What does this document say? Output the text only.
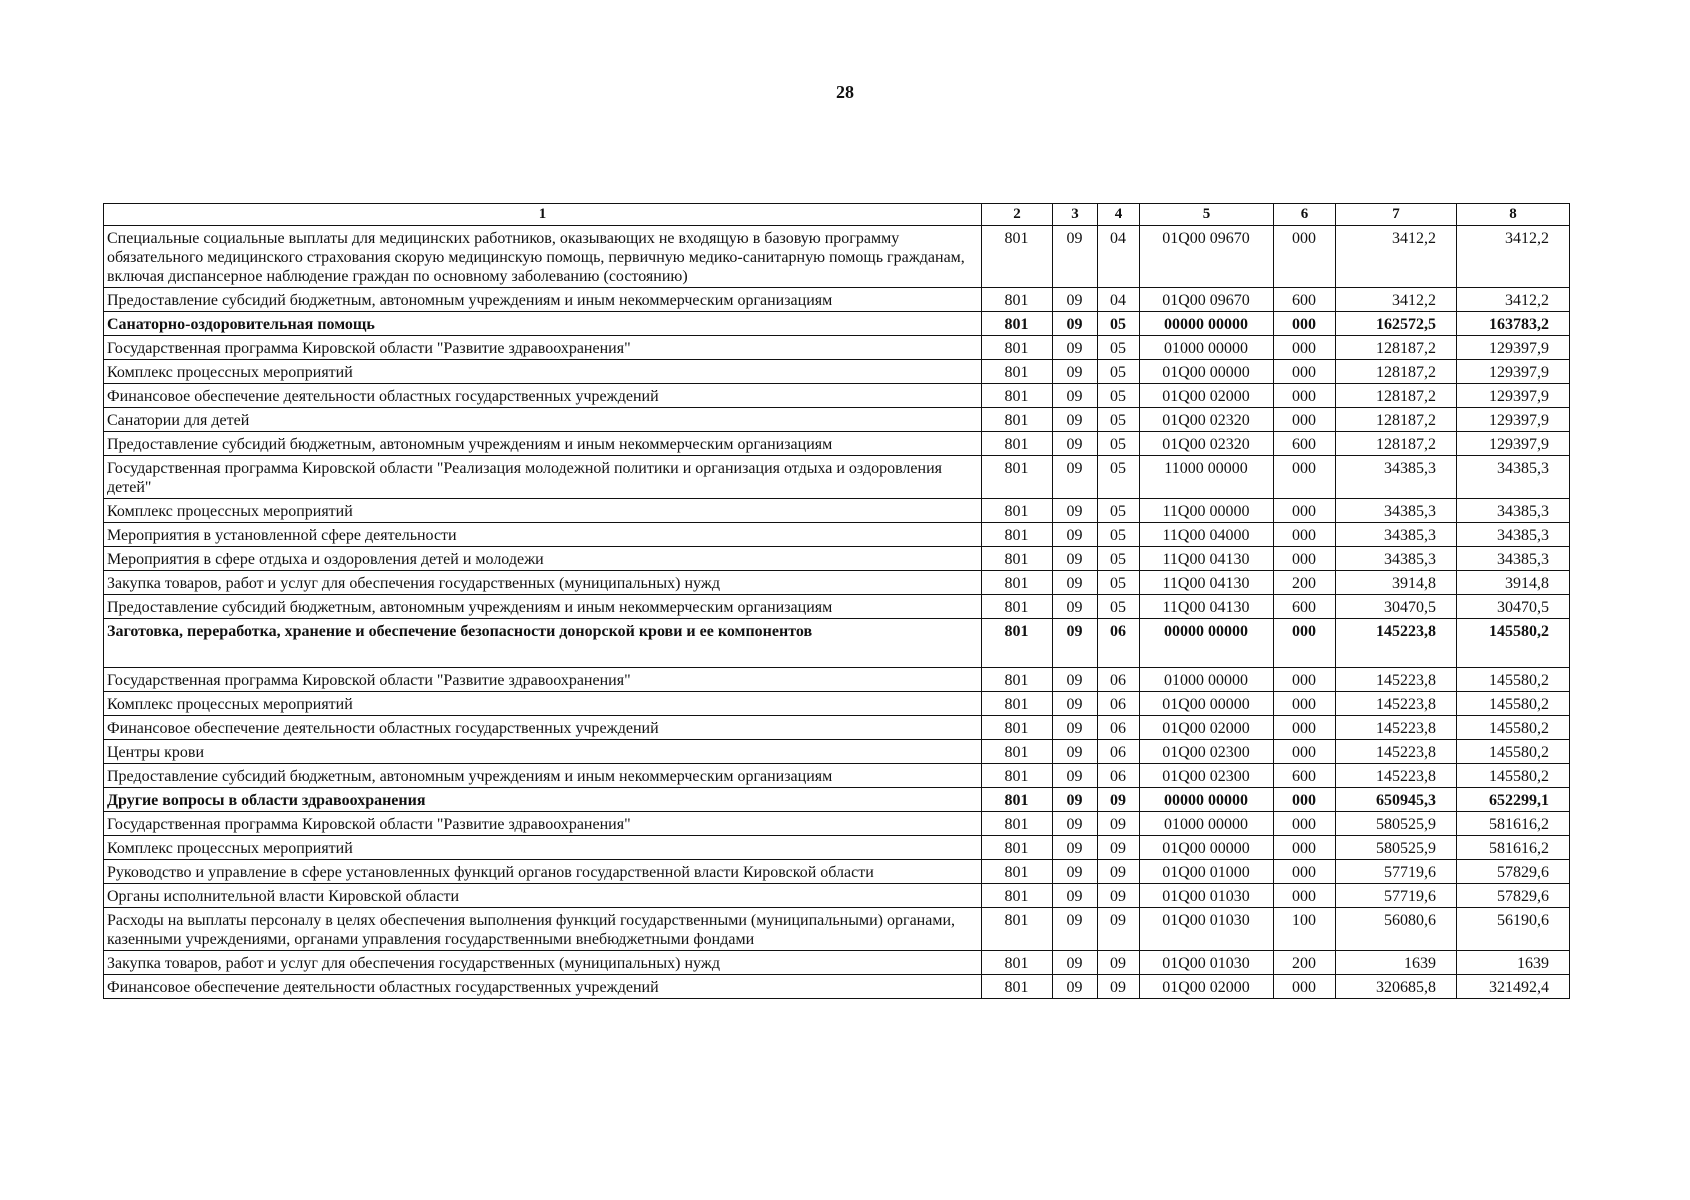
28
1	2	3	4	5	6	7	8
Специальные социальные выплаты для медицинских работников, оказывающих не входящую в базовую программу обязательного медицинского страхования скорую медицинскую помощь, первичную медико-санитарную помощь гражданам, включая диспансерное наблюдение граждан по основному заболеванию (состоянию)	801	09	04	01Q00 09670	000	3412,2	3412,2
Предоставление субсидий бюджетным, автономным учреждениям и иным некоммерческим организациям	801	09	04	01Q00 09670	600	3412,2	3412,2
Санаторно-оздоровительная помощь	801	09	05	00000 00000	000	162572,5	163783,2
Государственная программа Кировской области "Развитие здравоохранения"	801	09	05	01000 00000	000	128187,2	129397,9
Комплекс процессных мероприятий	801	09	05	01Q00 00000	000	128187,2	129397,9
Финансовое обеспечение деятельности областных государственных учреждений	801	09	05	01Q00 02000	000	128187,2	129397,9
Санатории для детей	801	09	05	01Q00 02320	000	128187,2	129397,9
Предоставление субсидий бюджетным, автономным учреждениям и иным некоммерческим организациям	801	09	05	01Q00 02320	600	128187,2	129397,9
Государственная программа Кировской области "Реализация молодежной политики и организация отдыха и оздоровления детей"	801	09	05	11000 00000	000	34385,3	34385,3
Комплекс процессных мероприятий	801	09	05	11Q00 00000	000	34385,3	34385,3
Мероприятия в установленной сфере деятельности	801	09	05	11Q00 04000	000	34385,3	34385,3
Мероприятия в сфере отдыха и оздоровления детей и молодежи	801	09	05	11Q00 04130	000	34385,3	34385,3
Закупка товаров, работ и услуг для обеспечения государственных (муниципальных) нужд	801	09	05	11Q00 04130	200	3914,8	3914,8
Предоставление субсидий бюджетным, автономным учреждениям и иным некоммерческим организациям	801	09	05	11Q00 04130	600	30470,5	30470,5
Заготовка, переработка, хранение и обеспечение безопасности донорской крови и ее компонентов	801	09	06	00000 00000	000	145223,8	145580,2
Государственная программа Кировской области "Развитие здравоохранения"	801	09	06	01000 00000	000	145223,8	145580,2
Комплекс процессных мероприятий	801	09	06	01Q00 00000	000	145223,8	145580,2
Финансовое обеспечение деятельности областных государственных учреждений	801	09	06	01Q00 02000	000	145223,8	145580,2
Центры крови	801	09	06	01Q00 02300	000	145223,8	145580,2
Предоставление субсидий бюджетным, автономным учреждениям и иным некоммерческим организациям	801	09	06	01Q00 02300	600	145223,8	145580,2
Другие вопросы в области здравоохранения	801	09	09	00000 00000	000	650945,3	652299,1
Государственная программа Кировской области "Развитие здравоохранения"	801	09	09	01000 00000	000	580525,9	581616,2
Комплекс процессных мероприятий	801	09	09	01Q00 00000	000	580525,9	581616,2
Руководство и управление в сфере установленных функций органов государственной власти Кировской области	801	09	09	01Q00 01000	000	57719,6	57829,6
Органы исполнительной власти Кировской области	801	09	09	01Q00 01030	000	57719,6	57829,6
Расходы на выплаты персоналу в целях обеспечения выполнения функций государственными (муниципальными) органами, казенными учреждениями, органами управления государственными внебюджетными фондами	801	09	09	01Q00 01030	100	56080,6	56190,6
Закупка товаров, работ и услуг для обеспечения государственных (муниципальных) нужд	801	09	09	01Q00 01030	200	1639	1639
Финансовое обеспечение деятельности областных государственных учреждений	801	09	09	01Q00 02000	000	320685,8	321492,4
